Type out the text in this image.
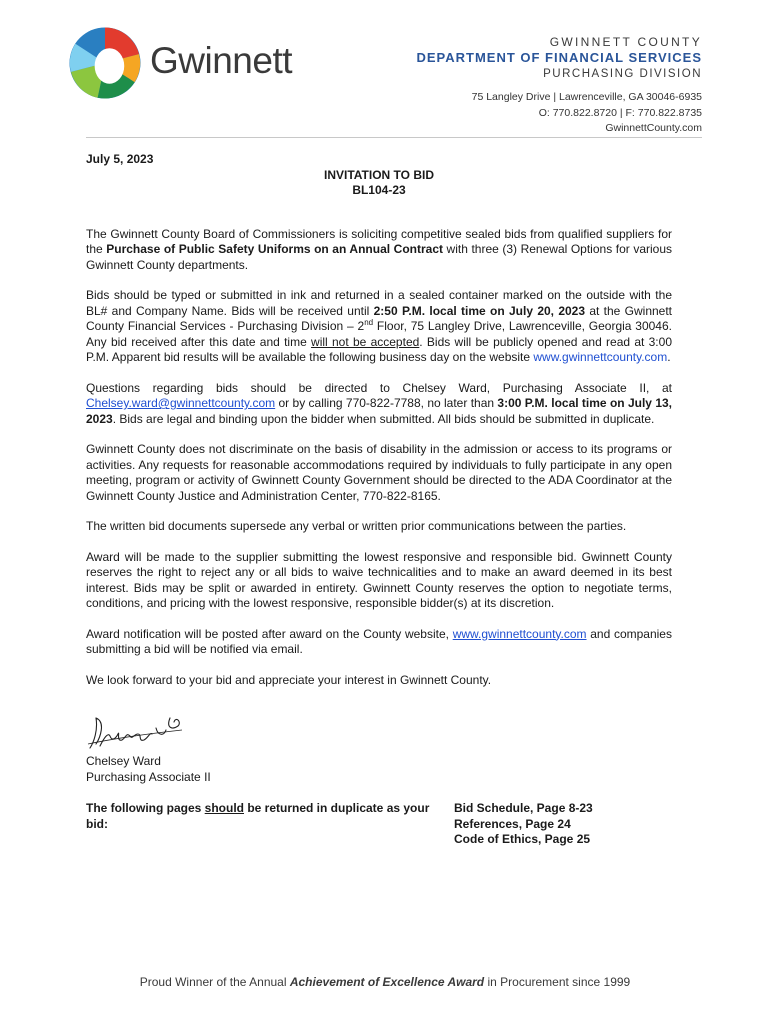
Gwinnett	GWINNETT COUNTY
DEPARTMENT OF FINANCIAL SERVICES
PURCHASING DIVISION
75 Langley Drive | Lawrenceville, GA 30046-6935
O: 770.822.8720 | F: 770.822.8735
GwinnettCounty.com
July 5, 2023
INVITATION TO BID
BL104-23

The Gwinnett County Board of Commissioners is soliciting competitive sealed bids from qualified suppliers for the Purchase of Public Safety Uniforms on an Annual Contract with three (3) Renewal Options for various Gwinnett County departments.

Bids should be typed or submitted in ink and returned in a sealed container marked on the outside with the BL# and Company Name. Bids will be received until 2:50 P.M. local time on July 20, 2023 at the Gwinnett County Financial Services - Purchasing Division – 2nd Floor, 75 Langley Drive, Lawrenceville, Georgia 30046. Any bid received after this date and time will not be accepted. Bids will be publicly opened and read at 3:00 P.M. Apparent bid results will be available the following business day on the website www.gwinnettcounty.com.

Questions regarding bids should be directed to Chelsey Ward, Purchasing Associate II, at Chelsey.ward@gwinnettcounty.com or by calling 770-822-7788, no later than 3:00 P.M. local time on July 13, 2023. Bids are legal and binding upon the bidder when submitted. All bids should be submitted in duplicate.

Gwinnett County does not discriminate on the basis of disability in the admission or access to its programs or activities. Any requests for reasonable accommodations required by individuals to fully participate in any open meeting, program or activity of Gwinnett County Government should be directed to the ADA Coordinator at the Gwinnett County Justice and Administration Center, 770-822-8165.

The written bid documents supersede any verbal or written prior communications between the parties.

Award will be made to the supplier submitting the lowest responsive and responsible bid. Gwinnett County reserves the right to reject any or all bids to waive technicalities and to make an award deemed in its best interest. Bids may be split or awarded in entirety. Gwinnett County reserves the option to negotiate terms, conditions, and pricing with the lowest responsive, responsible bidder(s) at its discretion.

Award notification will be posted after award on the County website, www.gwinnettcounty.com and companies submitting a bid will be notified via email.

We look forward to your bid and appreciate your interest in Gwinnett County.

Chelsey Ward
Purchasing Associate II
The following pages should be returned in duplicate as your bid:
Bid Schedule, Page 8-23
References, Page 24
Code of Ethics, Page 25
Proud Winner of the Annual Achievement of Excellence Award in Procurement since 1999
